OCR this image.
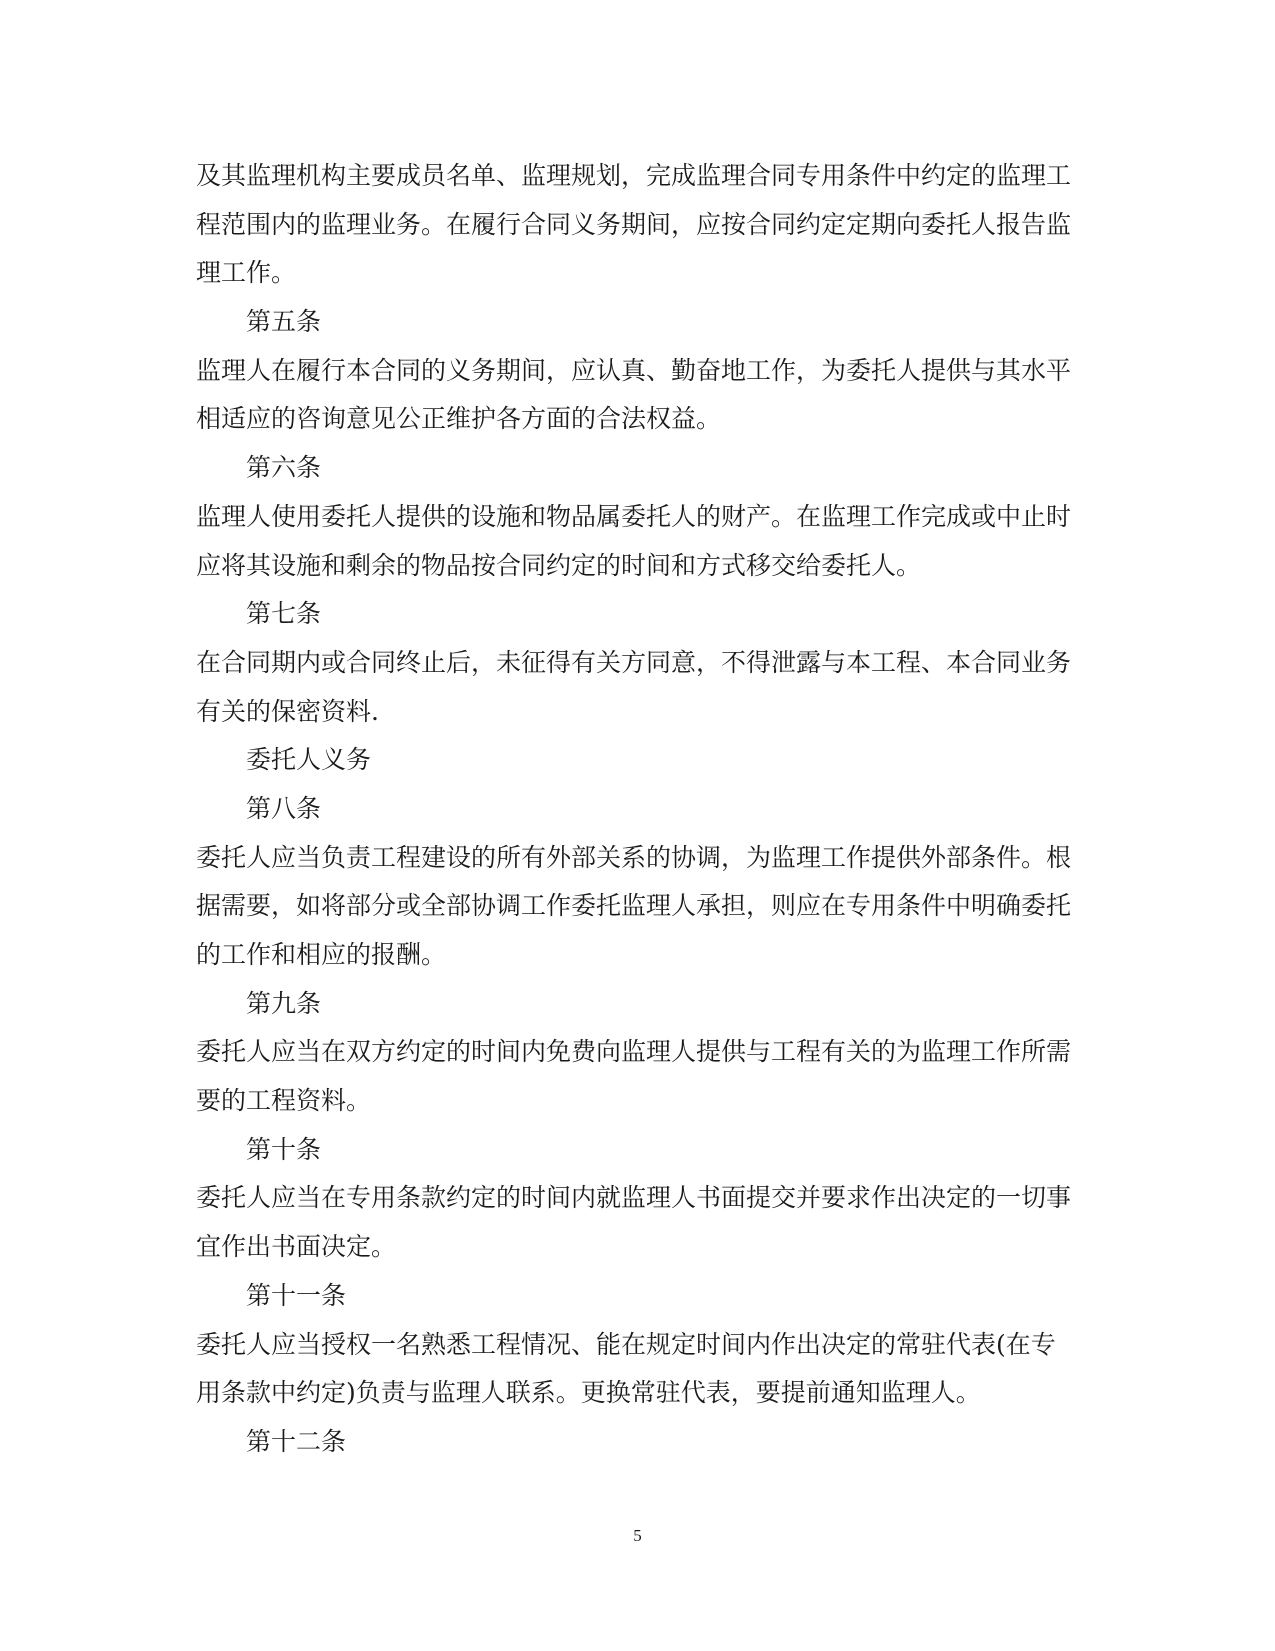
及其监理机构主要成员名单、监理规划，完成监理合同专用条件中约定的监理工
程范围内的监理业务。在履行合同义务期间，应按合同约定定期向委托人报告监
理工作。
第五条
监理人在履行本合同的义务期间，应认真、勤奋地工作，为委托人提供与其水平
相适应的咨询意见公正维护各方面的合法权益。
第六条
监理人使用委托人提供的设施和物品属委托人的财产。在监理工作完成或中止时
应将其设施和剩余的物品按合同约定的时间和方式移交给委托人。
第七条
在合同期内或合同终止后，未征得有关方同意，不得泄露与本工程、本合同业务
有关的保密资料.
委托人义务
第八条
委托人应当负责工程建设的所有外部关系的协调，为监理工作提供外部条件。根
据需要，如将部分或全部协调工作委托监理人承担，则应在专用条件中明确委托
的工作和相应的报酬。
第九条
委托人应当在双方约定的时间内免费向监理人提供与工程有关的为监理工作所需
要的工程资料。
第十条
委托人应当在专用条款约定的时间内就监理人书面提交并要求作出决定的一切事
宜作出书面决定。
第十一条
委托人应当授权一名熟悉工程情况、能在规定时间内作出决定的常驻代表(在专
用条款中约定)负责与监理人联系。更换常驻代表，要提前通知监理人。
第十二条
5
